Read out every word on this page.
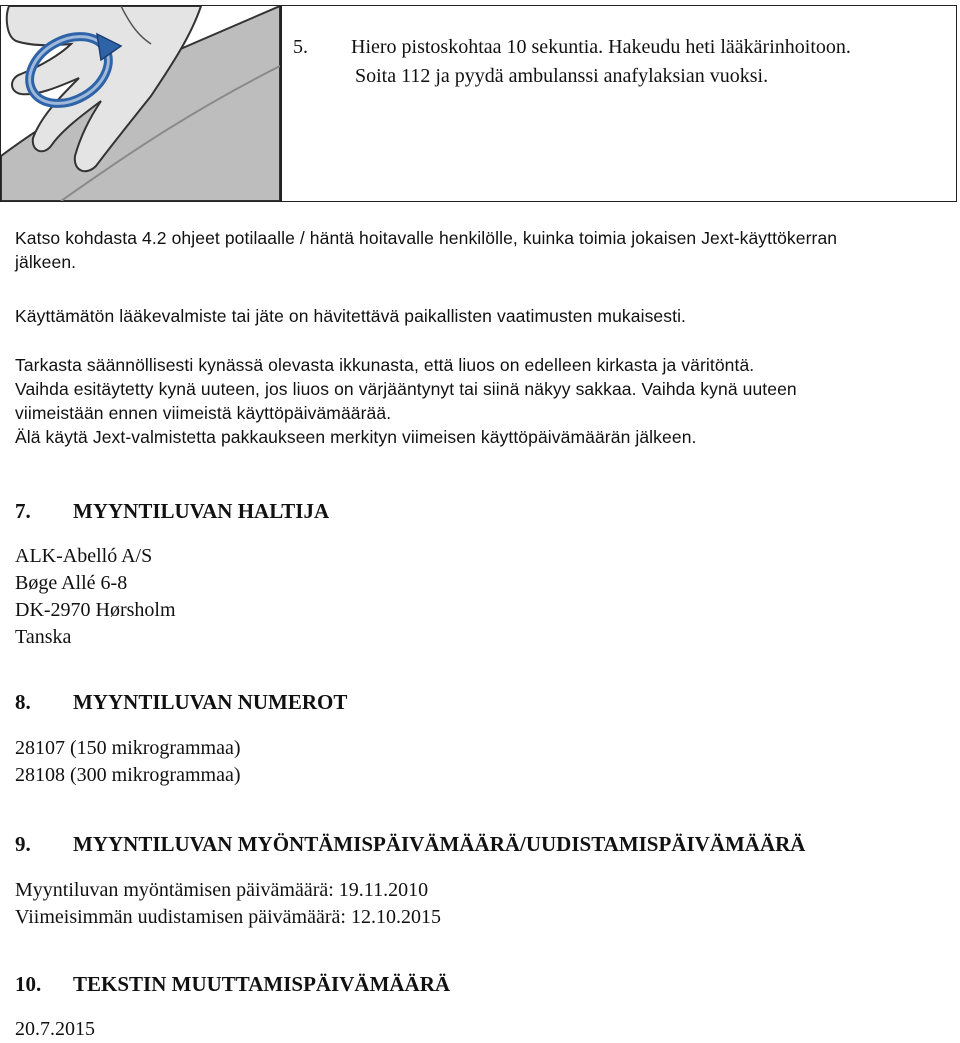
5. Hiero pistoskohtaa 10 sekuntia. Hakeudu heti lääkärinhoitoon.
Soita 112 ja pyydä ambulanssi anafylaksian vuoksi.
Katso kohdasta 4.2 ohjeet potilaalle / häntä hoitavalle henkilölle, kuinka toimia jokaisen Jext-käyttökerran
jälkeen.
Käyttämätön lääkevalmiste tai jäte on hävitettävä paikallisten vaatimusten mukaisesti.
Tarkasta säännöllisesti kynässä olevasta ikkunasta, että liuos on edelleen kirkasta ja väritöntä.
Vaihda esitäytetty kynä uuteen, jos liuos on värjääntynyt tai siinä näkyy sakkaa. Vaihda kynä uuteen
viimeistään ennen viimeistä käyttöpäivämäärää.
Älä käytä Jext-valmistetta pakkaukseen merkityn viimeisen käyttöpäivämäärän jälkeen.
7. MYYNTILUVAN HALTIJA
ALK-Abelló A/S
Bøge Allé 6-8
DK-2970 Hørsholm
Tanska
8. MYYNTILUVAN NUMEROT
28107 (150 mikrogrammaa)
28108 (300 mikrogrammaa)
9. MYYNTILUVAN MYÖNTÄMISPÄIVÄMÄÄRÄ/UUDISTAMISPÄIVÄMÄÄRÄ
Myyntiluvan myöntämisen päivämäärä: 19.11.2010
Viimeisimmän uudistamisen päivämäärä: 12.10.2015
10. TEKSTIN MUUTTAMISPÄIVÄMÄÄRÄ
20.7.2015
